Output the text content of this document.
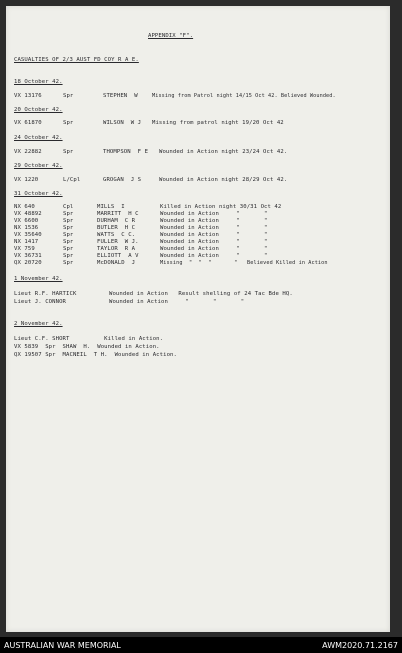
APPENDIX "F".
CASUALTIES OF 2/3 AUST FD COY R A E.
18 October 42.
VX 13176	Spr	STEPHEN  W	Missing from Patrol night 14/15 Oct 42. Believed Wounded.
20 October 42.
VX 61870	Spr	WILSON  W J Missing from patrol night 19/20 Oct 42
24 October 42.
VX 22882	Spr	THOMPSON  F E Wounded in Action night 23/24 Oct 42.
29 October 42.
VX 1220	L/Cpl	GROGAN  J S	Wounded in Action night 28/29 Oct 42.
31 October 42.
NX 640	Cpl	MILLS  I	Killed in Action night 30/31 Oct 42
VX 48892	Spr	MARRITT  H C	Wounded in Action     "       "
VX 6600	Spr	DURHAM  C R	Wounded in Action     "       "
NX 1536	Spr	BUTLER  H C	Wounded in Action     "       "
VX 35640	Spr	WATTS  C C.	Wounded in Action     "       "
NX 1417	Spr	FULLER  W J.	Wounded in Action     "       "
VX 759	Spr	TAYLOR  R A	Wounded in Action     "       "
VX 36731	Spr	ELLIOTT  A V	Wounded in Action     "       "
QX 20720	Spr	McDONALD  J	Missing  "  "  "       "   Believed Killed in Action
1 November 42.
Lieut R.F. HARTICK	Wounded in Action   Result shelling of 24 Tac Bde HQ.
Lieut J. CONNOR	Wounded in Action     "       "       "
2 November 42.
Lieut C.F. SHORT          Killed in Action.
VX 5839  Spr  SHAW  H.  Wounded in Action.
QX 19507 Spr  MACNEIL  T H.  Wounded in Action.
AUSTRALIAN WAR MEMORIAL	AWM2020.71.2167
